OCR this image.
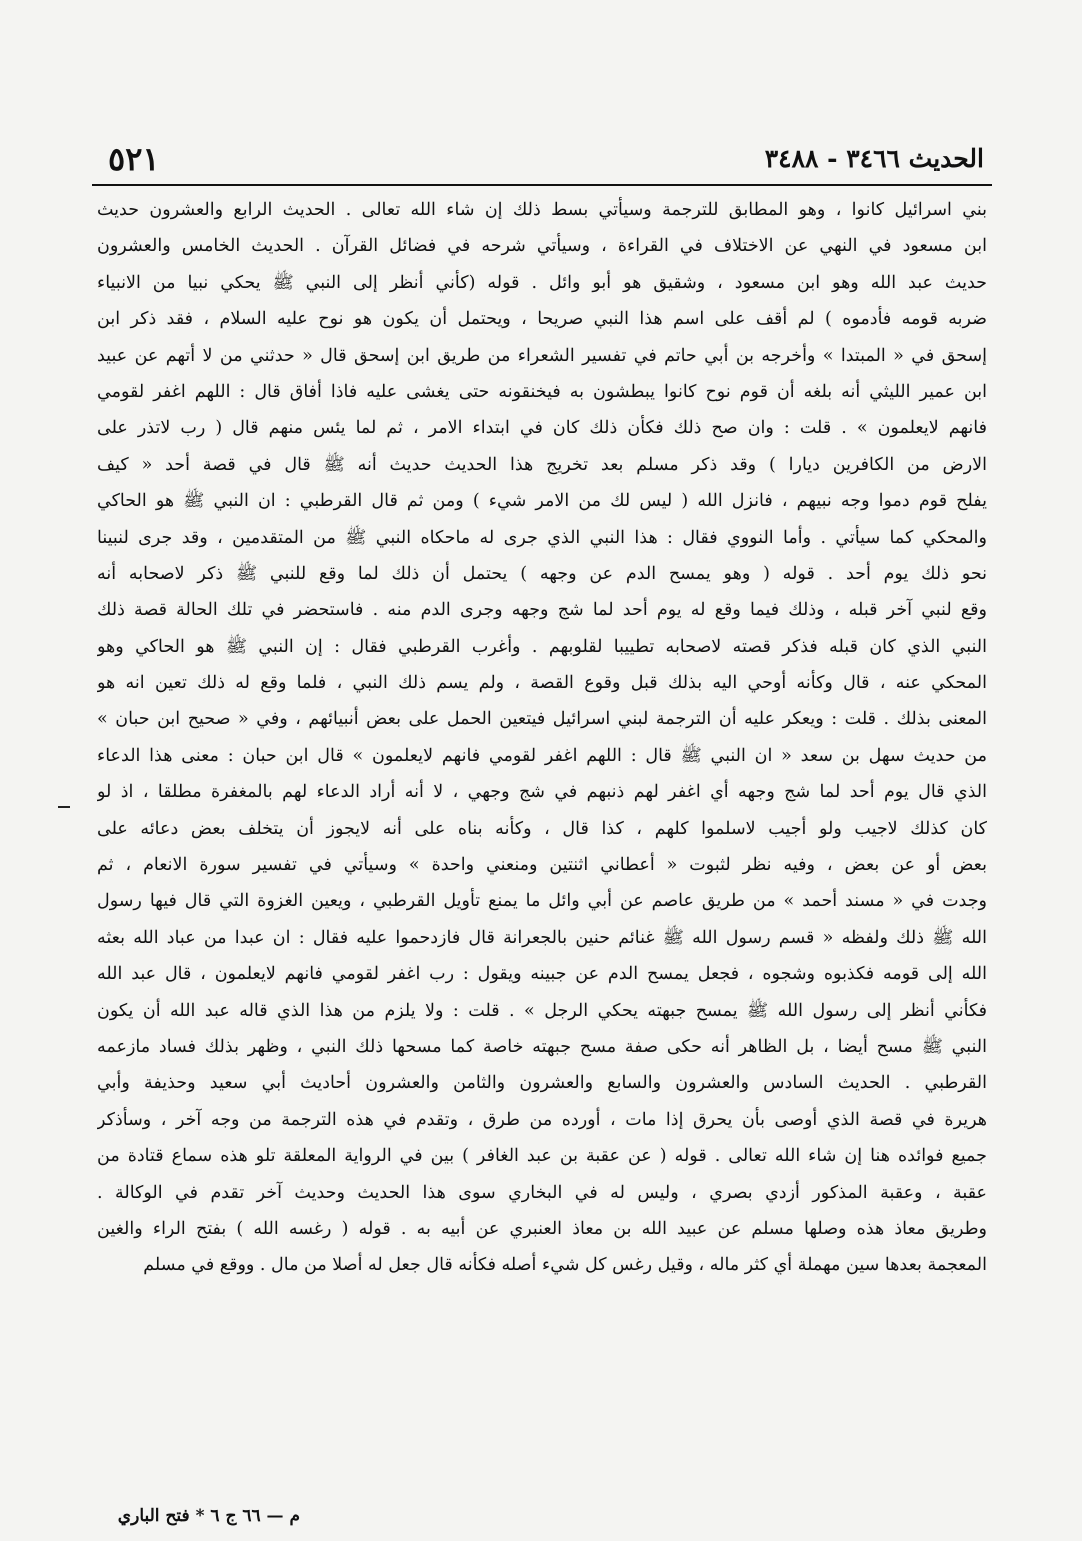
الحديث ٣٤٦٦ - ٣٤٨٨
٥٢١
بني اسرائيل كانوا ، وهو المطابق للترجمة وسيأتي بسط ذلك إن شاء الله تعالى . الحديث الرابع والعشرون حديث
ابن مسعود في النهي عن الاختلاف في القراءة ، وسيأتي شرحه في فضائل القرآن . الحديث الخامس والعشرون
حديث عبد الله وهو ابن مسعود ، وشقيق هو أبو وائل . قوله (كأني أنظر إلى النبي ﷺ يحكي نبيا من الانبياء
ضربه قومه فأدموه ) لم أقف على اسم هذا النبي صريحا ، ويحتمل أن يكون هو نوح عليه السلام ، فقد ذكر ابن
إسحق في « المبتدا » وأخرجه بن أبي حاتم في تفسير الشعراء من طريق ابن إسحق قال « حدثني من لا أتهم عن عبيد
ابن عمير الليثي أنه بلغه أن قوم نوح كانوا يبطشون به فيخنقونه حتى يغشى عليه فاذا أفاق قال : اللهم اغفر لقومي
فانهم لايعلمون » . قلت : وان صح ذلك فكأن ذلك كان في ابتداء الامر ، ثم لما يئس منهم قال ( رب لاتذر على
الارض من الكافرين ديارا ) وقد ذكر مسلم بعد تخريج هذا الحديث حديث أنه ﷺ قال في قصة أحد « كيف
يفلح قوم دموا وجه نبيهم ، فانزل الله ( ليس لك من الامر شيء ) ومن ثم قال القرطبي : ان النبي ﷺ هو الحاكي
والمحكي كما سيأتي . وأما النووي فقال : هذا النبي الذي جرى له ماحكاه النبي ﷺ من المتقدمين ، وقد جرى لنبينا
نحو ذلك يوم أحد . قوله ( وهو يمسح الدم عن وجهه ) يحتمل أن ذلك لما وقع للنبي ﷺ ذكر لاصحابه أنه
وقع لنبي آخر قبله ، وذلك فيما وقع له يوم أحد لما شج وجهه وجرى الدم منه . فاستحضر في تلك الحالة قصة ذلك
النبي الذي كان قبله فذكر قصته لاصحابه تطييبا لقلوبهم . وأغرب القرطبي فقال : إن النبي ﷺ هو الحاكي وهو
المحكي عنه ، قال وكأنه أوحي اليه بذلك قبل وقوع القصة ، ولم يسم ذلك النبي ، فلما وقع له ذلك تعين انه هو
المعنى بذلك . قلت : ويعكر عليه أن الترجمة لبني اسرائيل فيتعين الحمل على بعض أنبيائهم ، وفي « صحيح ابن حبان »
من حديث سهل بن سعد « ان النبي ﷺ قال : اللهم اغفر لقومي فانهم لايعلمون » قال ابن حبان : معنى هذا الدعاء
الذي قال يوم أحد لما شج وجهه أي اغفر لهم ذنبهم في شج وجهي ، لا أنه أراد الدعاء لهم بالمغفرة مطلقا ، اذ لو
كان كذلك لاجيب ولو أجيب لاسلموا كلهم ، كذا قال ، وكأنه بناه على أنه لايجوز أن يتخلف بعض دعائه على
بعض أو عن بعض ، وفيه نظر لثبوت « أعطاني اثنتين ومنعني واحدة » وسيأتي في تفسير سورة الانعام ، ثم
وجدت في « مسند أحمد » من طريق عاصم عن أبي وائل ما يمنع تأويل القرطبي ، ويعين الغزوة التي قال فيها رسول
الله ﷺ ذلك ولفظه « قسم رسول الله ﷺ غنائم حنين بالجعرانة قال فازدحموا عليه فقال : ان عبدا من عباد الله بعثه
الله إلى قومه فكذبوه وشجوه ، فجعل يمسح الدم عن جبينه ويقول : رب اغفر لقومي فانهم لايعلمون ، قال عبد الله
فكأني أنظر إلى رسول الله ﷺ يمسح جبهته يحكي الرجل » . قلت : ولا يلزم من هذا الذي قاله عبد الله أن يكون
النبي ﷺ مسح أيضا ، بل الظاهر أنه حكى صفة مسح جبهته خاصة كما مسحها ذلك النبي ، وظهر بذلك فساد مازعمه
القرطبي . الحديث السادس والعشرون والسابع والعشرون والثامن والعشرون أحاديث أبي سعيد وحذيفة وأبي
هريرة في قصة الذي أوصى بأن يحرق إذا مات ، أورده من طرق ، وتقدم في هذه الترجمة من وجه آخر ، وسأذكر
جميع فوائده هنا إن شاء الله تعالى . قوله ( عن عقبة بن عبد الغافر ) بين في الرواية المعلقة تلو هذه سماع قتادة من
عقبة ، وعقبة المذكور أزدي بصري ، وليس له في البخاري سوى هذا الحديث وحديث آخر تقدم في الوكالة .
وطريق معاذ هذه وصلها مسلم عن عبيد الله بن معاذ العنبري عن أبيه به . قوله ( رغسه الله ) بفتح الراء والغين
المعجمة بعدها سين مهملة أي كثر ماله ، وقيل رغس كل شيء أصله فكأنه قال جعل له أصلا من مال . ووقع في مسلم
م — ٦٦ ج ٦ * فتح الباري
